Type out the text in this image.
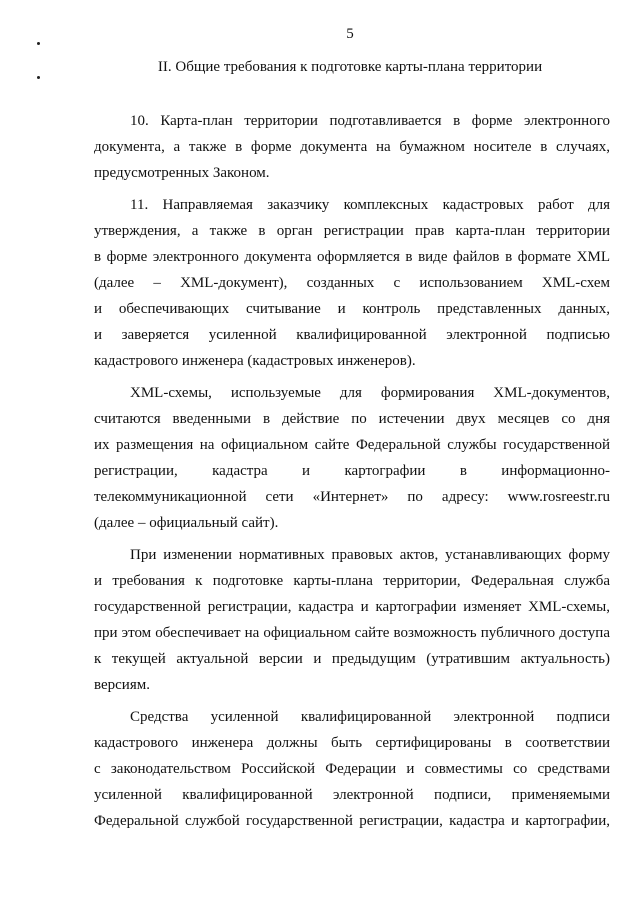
5
II. Общие требования к подготовке карты-плана территории
10. Карта-план территории подготавливается в форме электронного
документа, а также в форме документа на бумажном носителе в случаях,
предусмотренных Законом.
11. Направляемая заказчику комплексных кадастровых работ для
утверждения, а также в орган регистрации прав карта-план территории
в форме электронного документа оформляется в виде файлов в формате XML
(далее – XML-документ), созданных с использованием XML-схем
и обеспечивающих считывание и контроль представленных данных,
и заверяется усиленной квалифицированной электронной подписью
кадастрового инженера (кадастровых инженеров).
XML-схемы, используемые для формирования XML-документов,
считаются введенными в действие по истечении двух месяцев со дня
их размещения на официальном сайте Федеральной службы государственной
регистрации, кадастра и картографии в информационно-
телекоммуникационной сети «Интернет» по адресу: www.rosreestr.ru
(далее – официальный сайт).
При изменении нормативных правовых актов, устанавливающих форму
и требования к подготовке карты-плана территории, Федеральная служба
государственной регистрации, кадастра и картографии изменяет XML-схемы,
при этом обеспечивает на официальном сайте возможность публичного доступа
к текущей актуальной версии и предыдущим (утратившим актуальность)
версиям.
Средства усиленной квалифицированной электронной подписи
кадастрового инженера должны быть сертифицированы в соответствии
с законодательством Российской Федерации и совместимы со средствами
усиленной квалифицированной электронной подписи, применяемыми
Федеральной службой государственной регистрации, кадастра и картографии,
